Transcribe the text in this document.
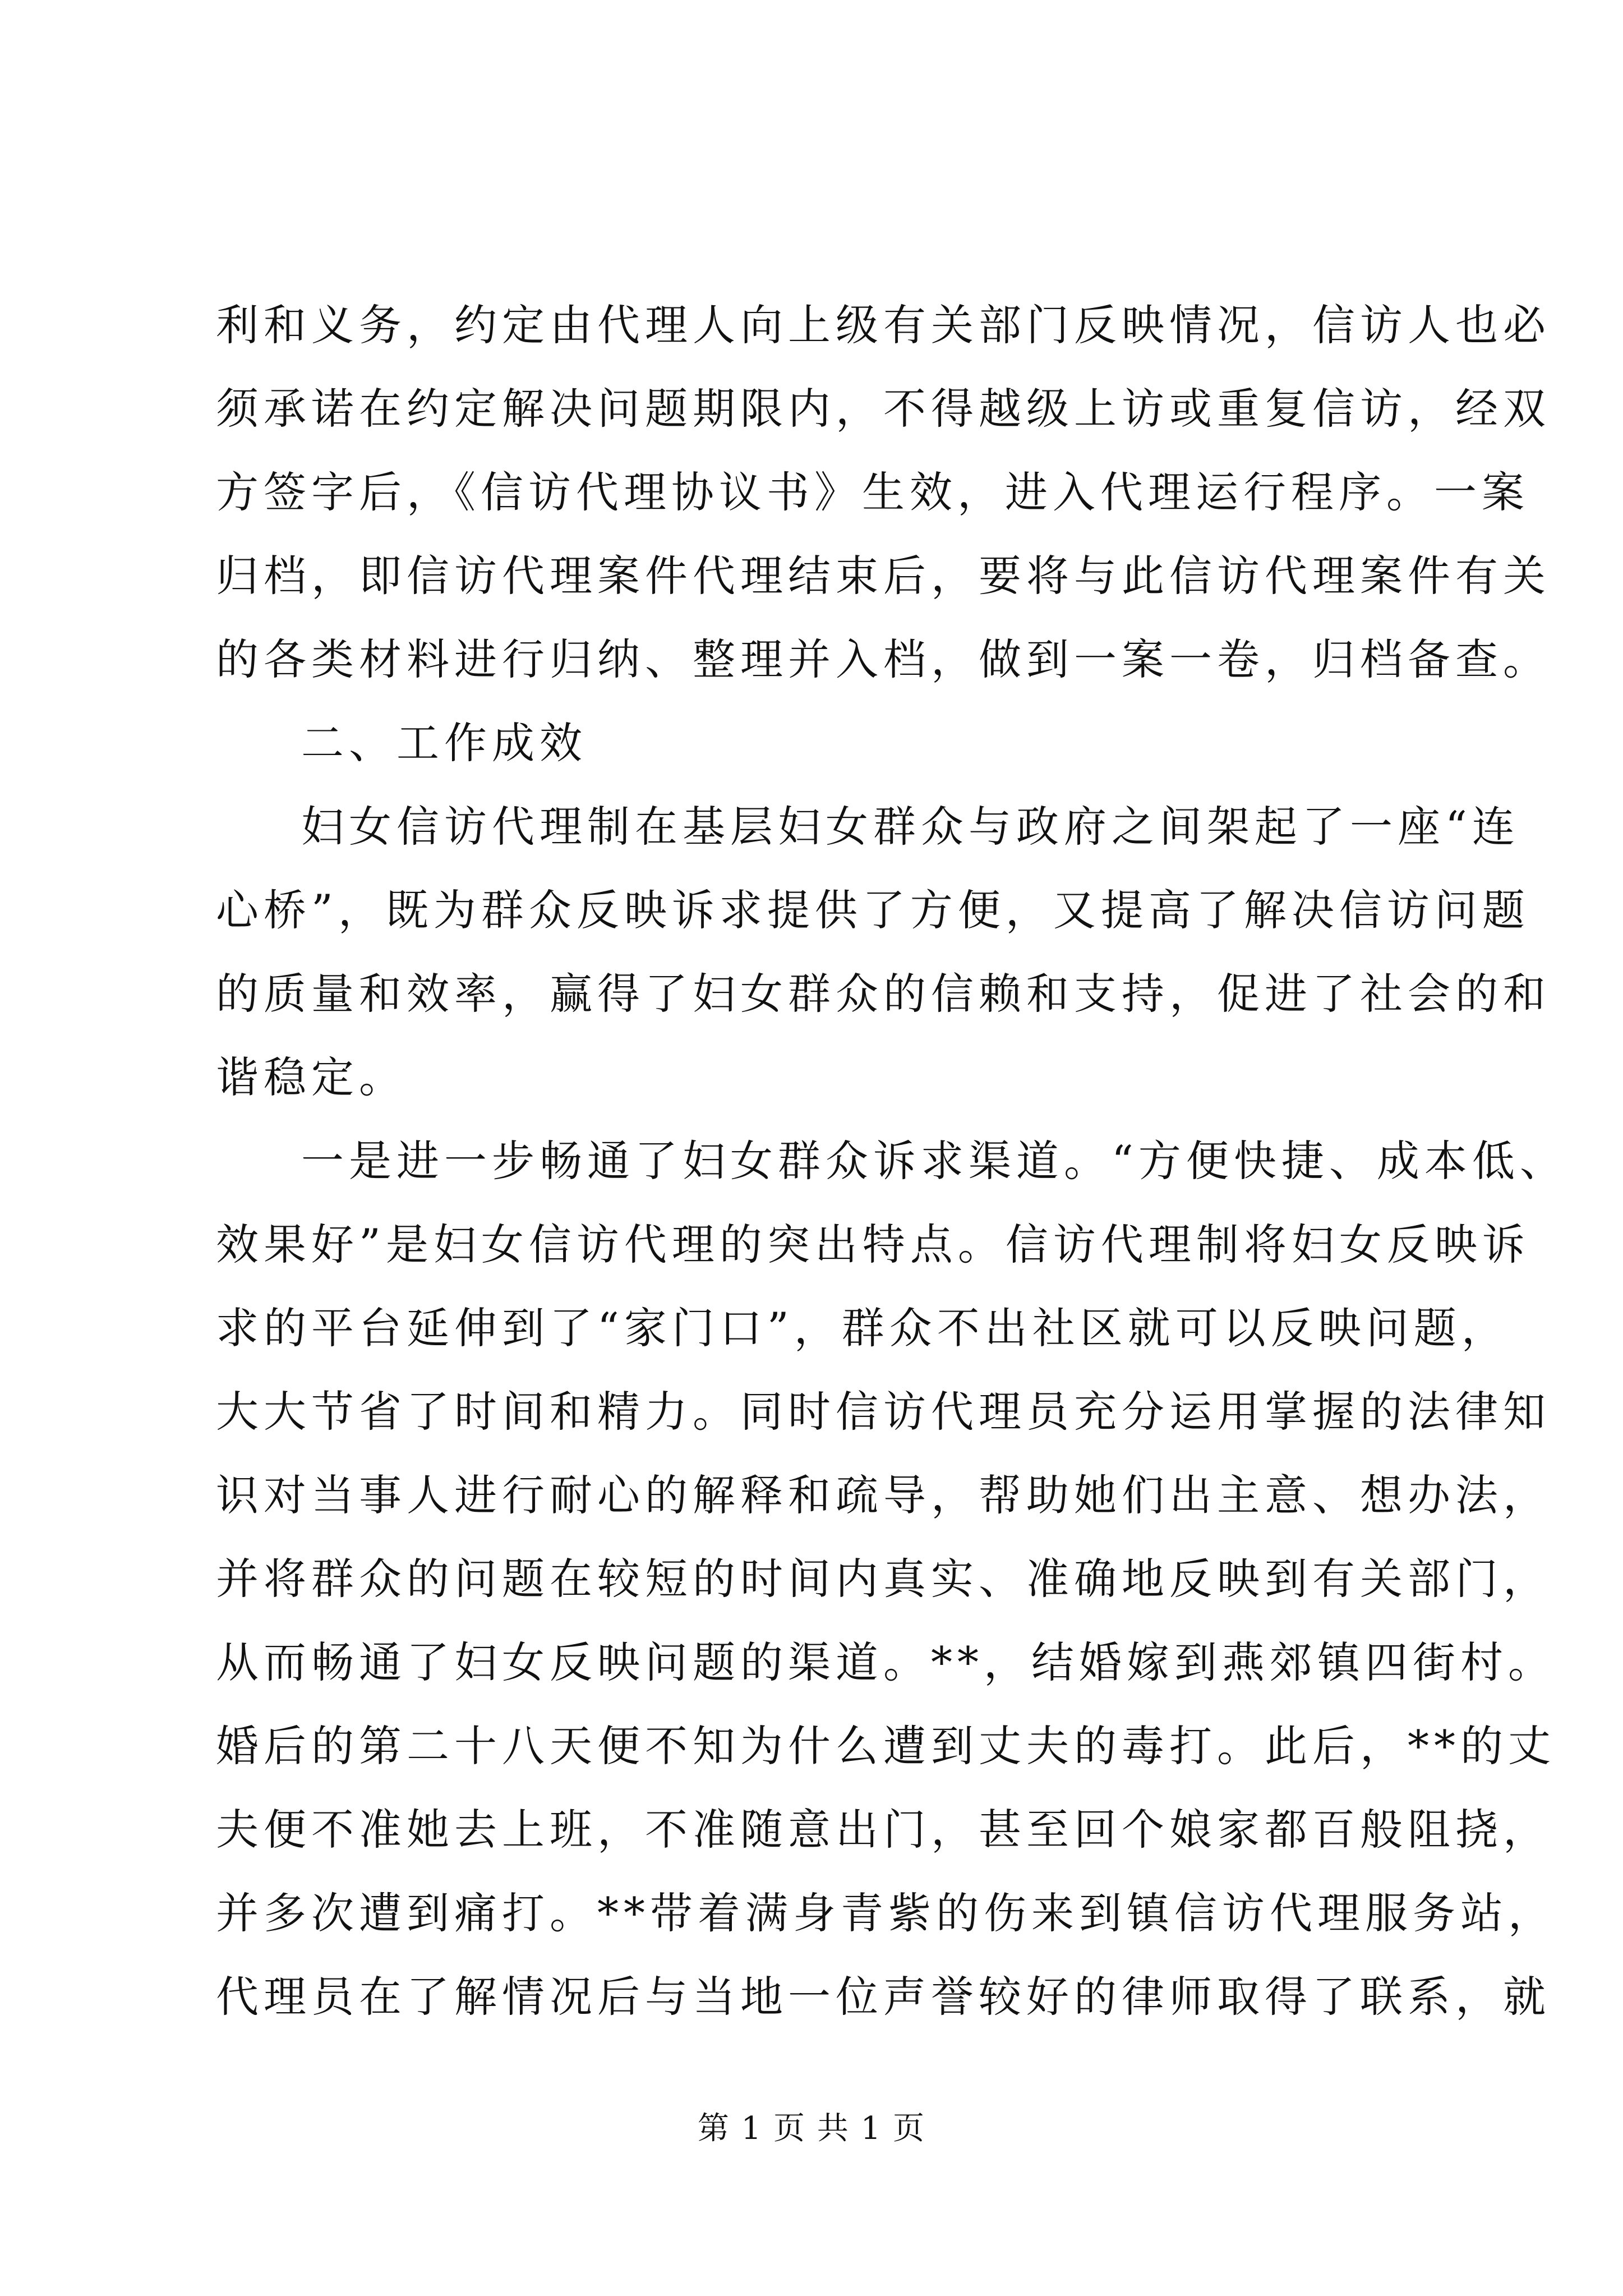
利和义务，约定由代理人向上级有关部门反映情况，信访人也必
须承诺在约定解决问题期限内，不得越级上访或重复信访，经双
方签字后，《信访代理协议书》生效，进入代理运行程序。一案
归档，即信访代理案件代理结束后，要将与此信访代理案件有关
的各类材料进行归纳、整理并入档，做到一案一卷，归档备查。
二、工作成效
妇女信访代理制在基层妇女群众与政府之间架起了一座“连
心桥”，既为群众反映诉求提供了方便，又提高了解决信访问题
的质量和效率，赢得了妇女群众的信赖和支持，促进了社会的和
谐稳定。
一是进一步畅通了妇女群众诉求渠道。“方便快捷、成本低、
效果好”是妇女信访代理的突出特点。信访代理制将妇女反映诉
求的平台延伸到了“家门口”，群众不出社区就可以反映问题，
大大节省了时间和精力。同时信访代理员充分运用掌握的法律知
识对当事人进行耐心的解释和疏导，帮助她们出主意、想办法，
并将群众的问题在较短的时间内真实、准确地反映到有关部门，
从而畅通了妇女反映问题的渠道。**，结婚嫁到燕郊镇四街村。
婚后的第二十八天便不知为什么遭到丈夫的毒打。此后，**的丈
夫便不准她去上班，不准随意出门，甚至回个娘家都百般阻挠，
并多次遭到痛打。**带着满身青紫的伤来到镇信访代理服务站，
代理员在了解情况后与当地一位声誉较好的律师取得了联系，就
第 1 页 共 1 页
